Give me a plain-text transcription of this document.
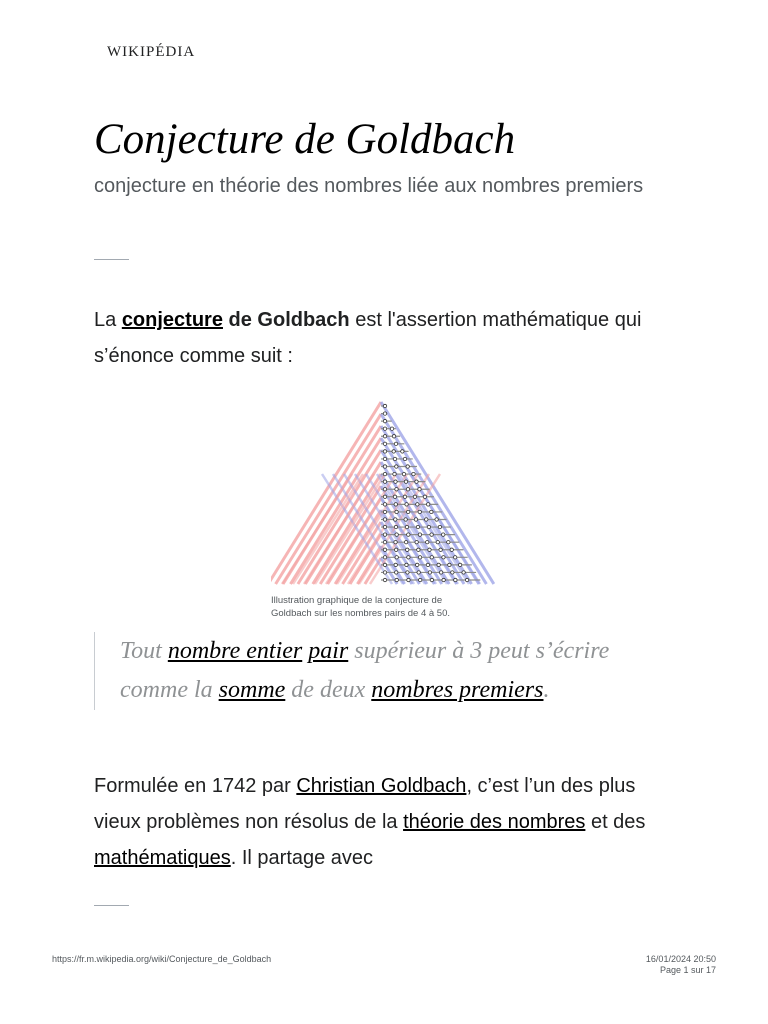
WIKIPÉDIA
Conjecture de Goldbach

conjecture en théorie des nombres liée aux nombres premiers

La conjecture de Goldbach est l'assertion mathématique qui s’énonce comme suit :

Illustration graphique de la conjecture de Goldbach sur les nombres pairs de 4 à 50.
Tout nombre entier pair supérieur à 3 peut s’écrire comme la somme de deux nombres premiers.

Formulée en 1742 par Christian Goldbach, c’est l’un des plus vieux problèmes non résolus de la théorie des nombres et des mathématiques. Il partage avec

https://fr.m.wikipedia.org/wiki/Conjecture_de_Goldbach	16/01/2024 20:50
Page 1 sur 17
